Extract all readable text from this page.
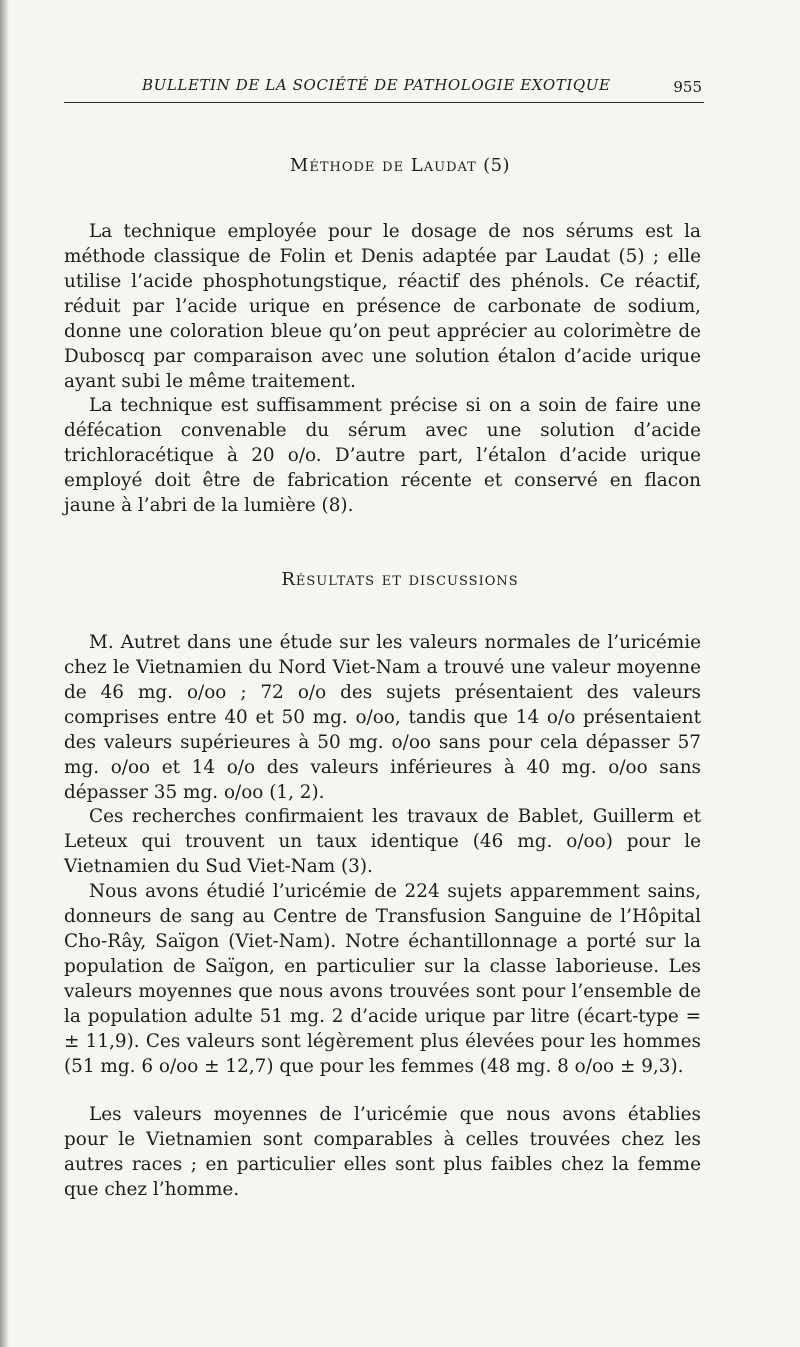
BULLETIN DE LA SOCIÉTÉ DE PATHOLOGIE EXOTIQUE	955
Méthode de Laudat (5)

La technique employée pour le dosage de nos sérums est la méthode classique de Folin et Denis adaptée par Laudat (5) ; elle utilise l’acide phosphotungstique, réactif des phénols. Ce réactif, réduit par l’acide urique en présence de carbonate de sodium, donne une coloration bleue qu’on peut apprécier au colorimètre de Duboscq par comparaison avec une solution étalon d’acide urique ayant subi le même traitement.

La technique est suffisamment précise si on a soin de faire une défécation convenable du sérum avec une solution d’acide trichloracétique à 20 o/o. D’autre part, l’étalon d’acide urique employé doit être de fabrication récente et conservé en flacon jaune à l’abri de la lumière (8).

Résultats et discussions

M. Autret dans une étude sur les valeurs normales de l’uricémie chez le Vietnamien du Nord Viet-Nam a trouvé une valeur moyenne de 46 mg. o/oo ; 72 o/o des sujets présentaient des valeurs comprises entre 40 et 50 mg. o/oo, tandis que 14 o/o présentaient des valeurs supérieures à 50 mg. o/oo sans pour cela dépasser 57 mg. o/oo et 14 o/o des valeurs inférieures à 40 mg. o/oo sans dépasser 35 mg. o/oo (1, 2).

Ces recherches confirmaient les travaux de Bablet, Guillerm et Leteux qui trouvent un taux identique (46 mg. o/oo) pour le Vietnamien du Sud Viet-Nam (3).

Nous avons étudié l’uricémie de 224 sujets apparemment sains, donneurs de sang au Centre de Transfusion Sanguine de l’Hôpital Cho-Rây, Saïgon (Viet-Nam). Notre échantillonnage a porté sur la population de Saïgon, en particulier sur la classe laborieuse. Les valeurs moyennes que nous avons trouvées sont pour l’ensemble de la population adulte 51 mg. 2 d’acide urique par litre (écart-type = ± 11,9). Ces valeurs sont légèrement plus élevées pour les hommes (51 mg. 6 o/oo ± 12,7) que pour les femmes (48 mg. 8 o/oo ± 9,3).

Les valeurs moyennes de l’uricémie que nous avons établies pour le Vietnamien sont comparables à celles trouvées chez les autres races ; en particulier elles sont plus faibles chez la femme que chez l’homme.
